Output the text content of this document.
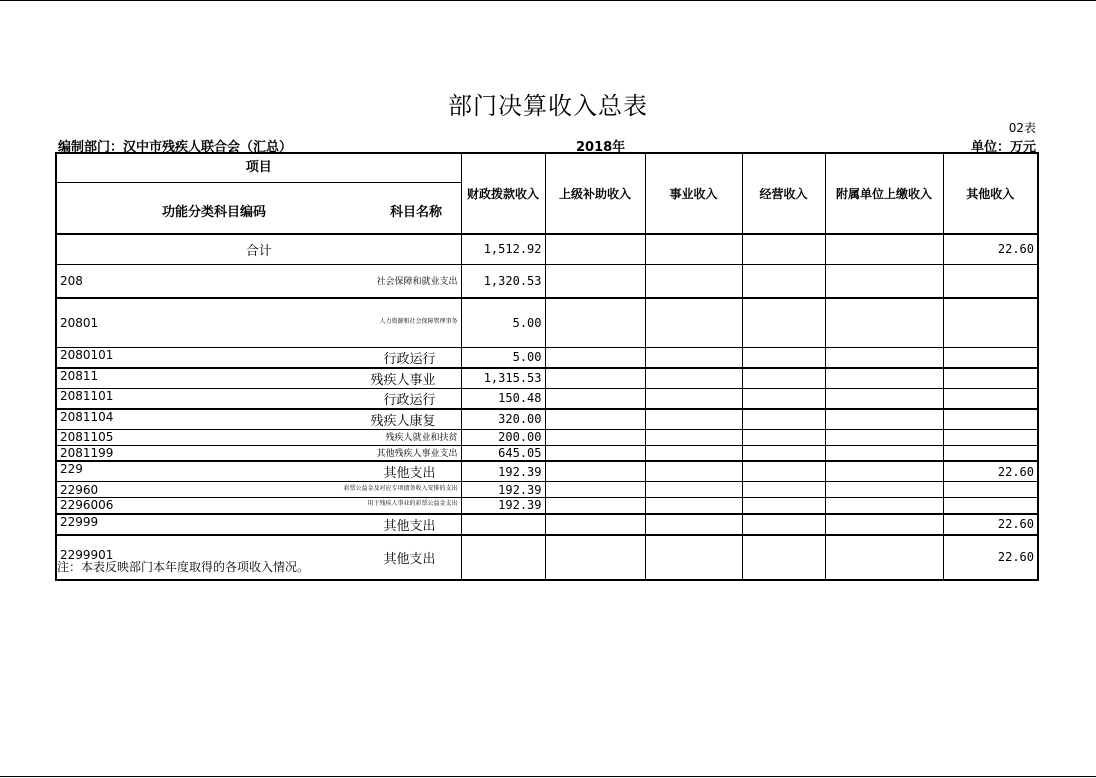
部门决算收入总表
02表
编制部门：汉中市残疾人联合会（汇总）	2018年	单位：万元
项目
功能分类科目编码 科目名称	财政拨款收入	上级补助收入	事业收入	经营收入	附属单位上缴收入	其他收入
合计	1,512.92					22.60

208 社会保障和就业支出	1,320.53					

20801 人力资源和社会保障管理事务	5.00					

2080101 行政运行	5.00					

20811 残疾人事业	1,315.53					

2081101 行政运行	150.48					

2081104 残疾人康复	320.00					

2081105 残疾人就业和扶贫	200.00					

2081199 其他残疾人事业支出	645.05					

229 其他支出	192.39					22.60

22960 彩票公益金及对应专项债务收入安排的支出	192.39					

2296006 用于残疾人事业的彩票公益金支出	192.39					

22999 其他支出						22.60

2299901 其他支出						22.60
注：本表反映部门本年度取得的各项收入情况。
